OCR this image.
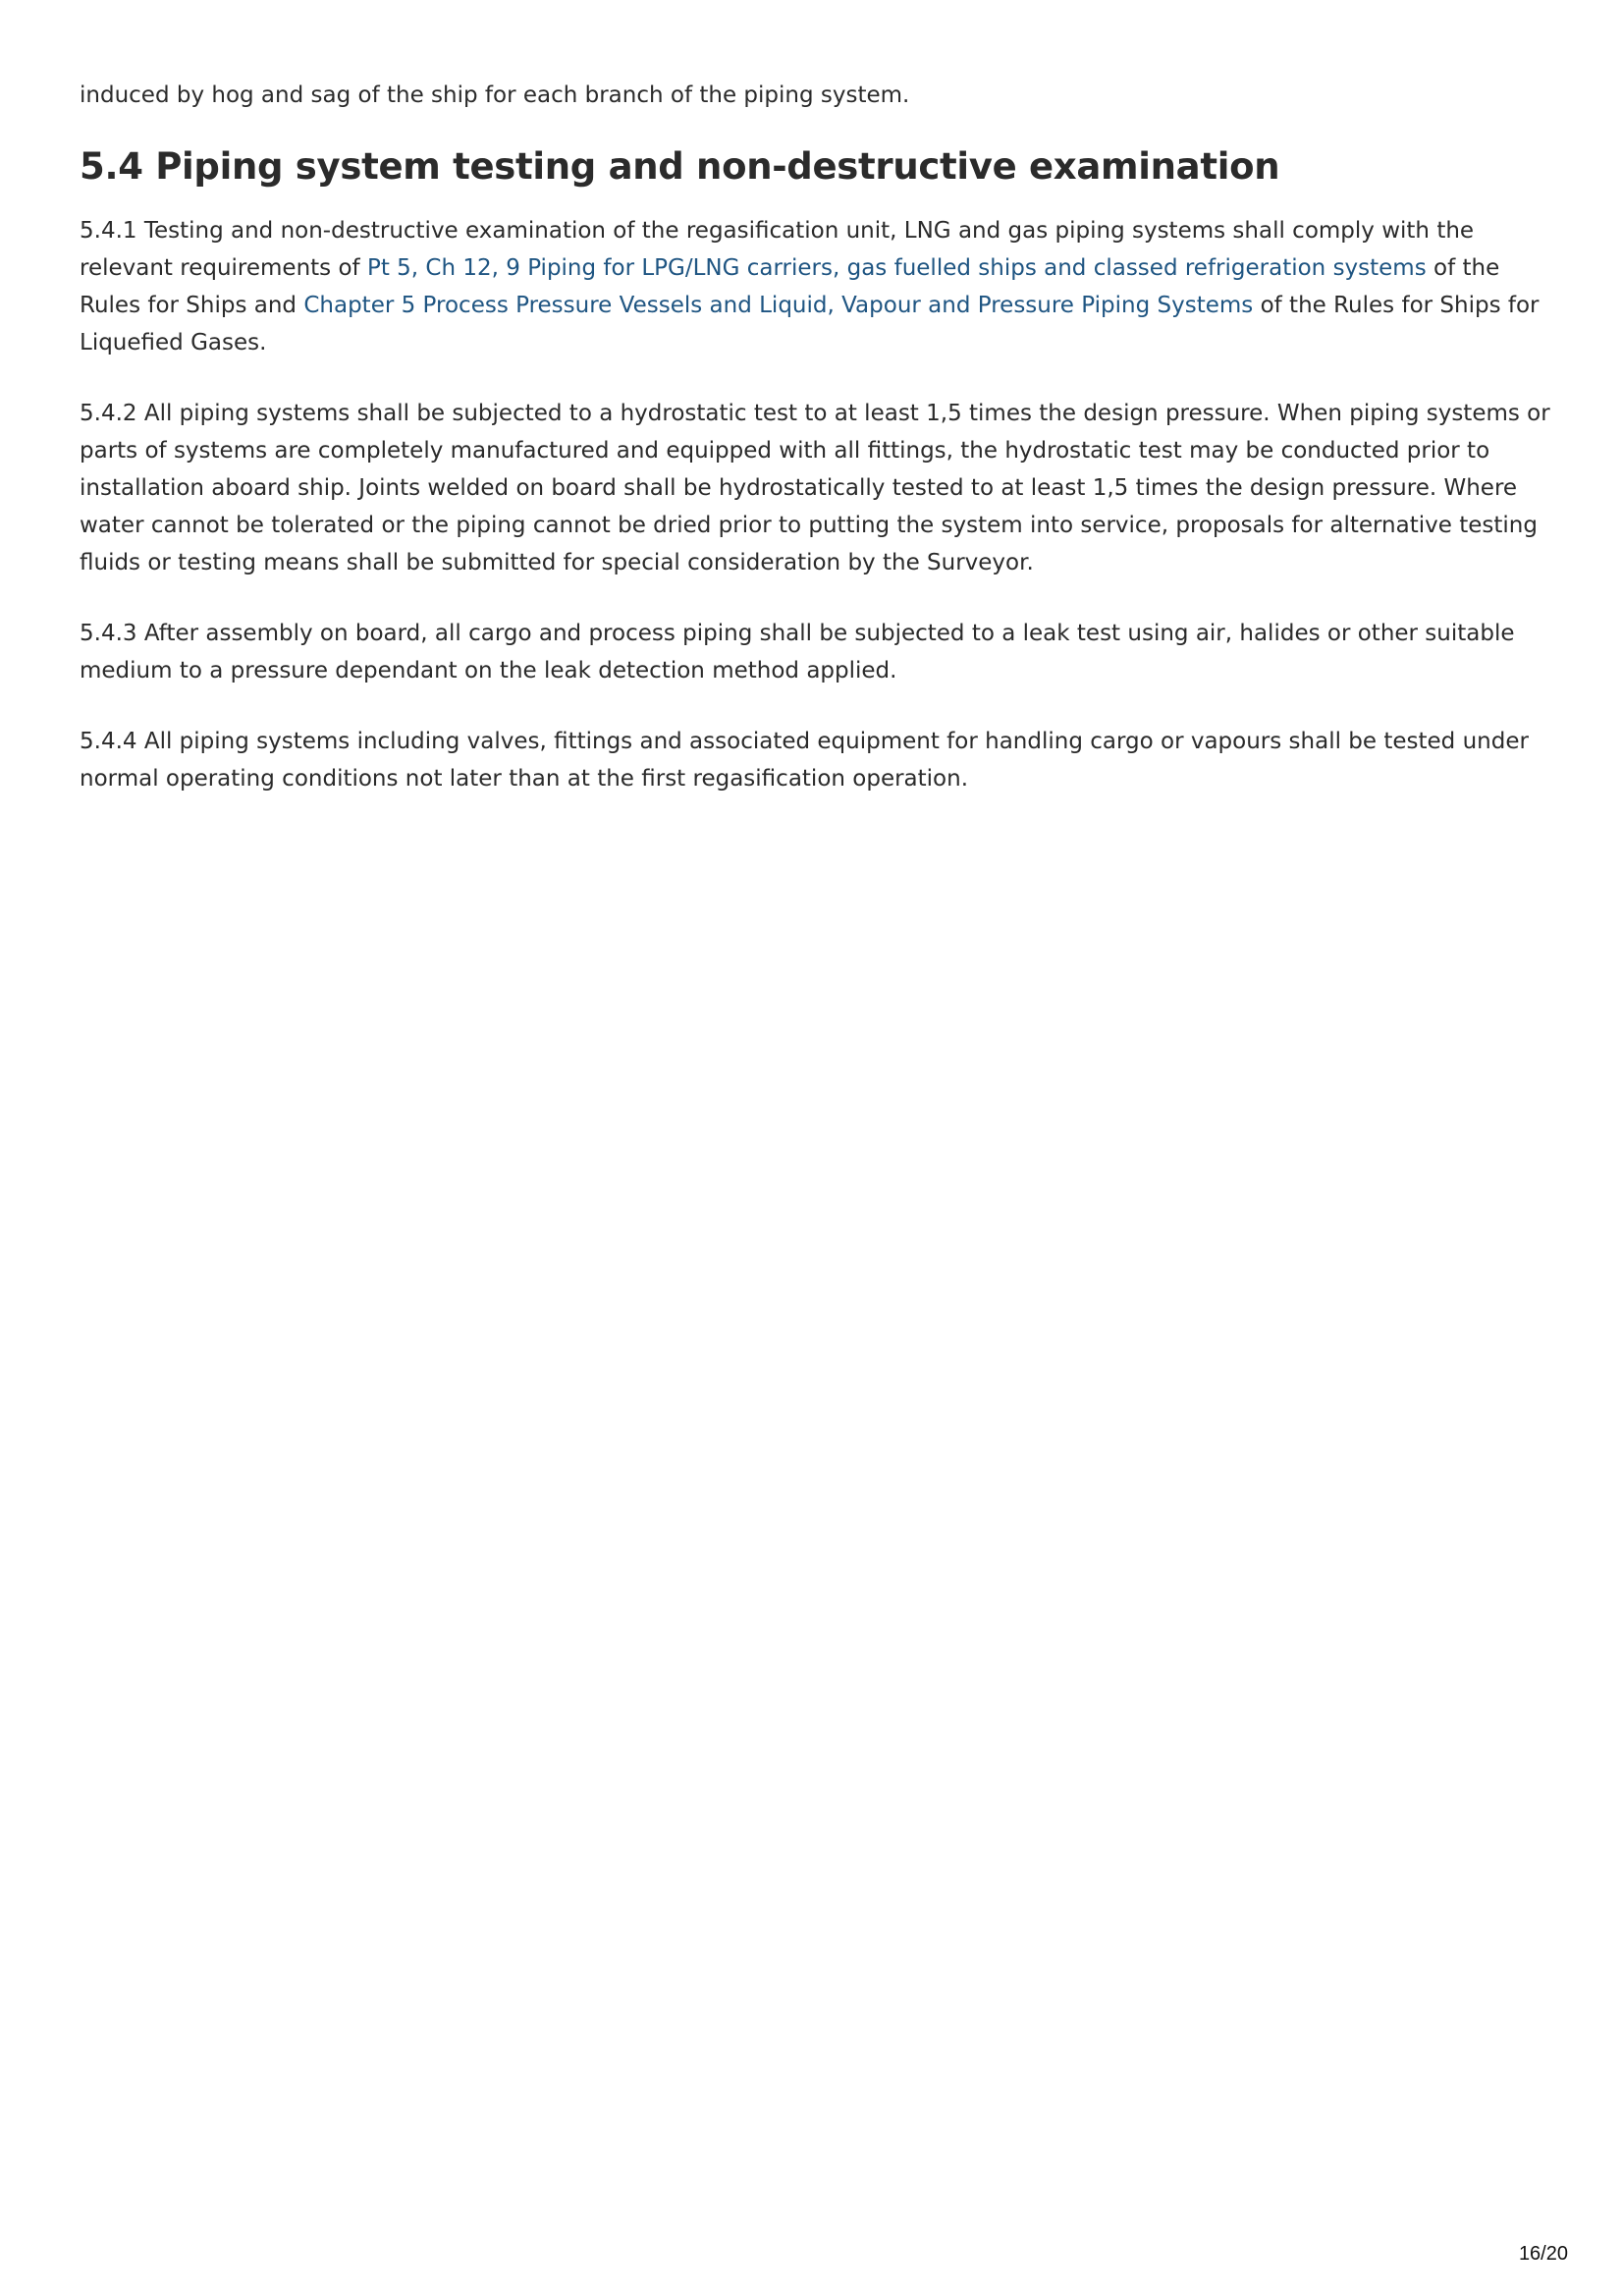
induced by hog and sag of the ship for each branch of the piping system.

5.4 Piping system testing and non-destructive examination

5.4.1 Testing and non-destructive examination of the regasification unit, LNG and gas piping systems shall comply with the relevant requirements of Pt 5, Ch 12, 9 Piping for LPG/LNG carriers, gas fuelled ships and classed refrigeration systems of the Rules for Ships and Chapter 5 Process Pressure Vessels and Liquid, Vapour and Pressure Piping Systems of the Rules for Ships for Liquefied Gases.

5.4.2 All piping systems shall be subjected to a hydrostatic test to at least 1,5 times the design pressure. When piping systems or parts of systems are completely manufactured and equipped with all fittings, the hydrostatic test may be conducted prior to installation aboard ship. Joints welded on board shall be hydrostatically tested to at least 1,5 times the design pressure. Where water cannot be tolerated or the piping cannot be dried prior to putting the system into service, proposals for alternative testing fluids or testing means shall be submitted for special consideration by the Surveyor.

5.4.3 After assembly on board, all cargo and process piping shall be subjected to a leak test using air, halides or other suitable medium to a pressure dependant on the leak detection method applied.

5.4.4 All piping systems including valves, fittings and associated equipment for handling cargo or vapours shall be tested under normal operating conditions not later than at the first regasification operation.

16/20
